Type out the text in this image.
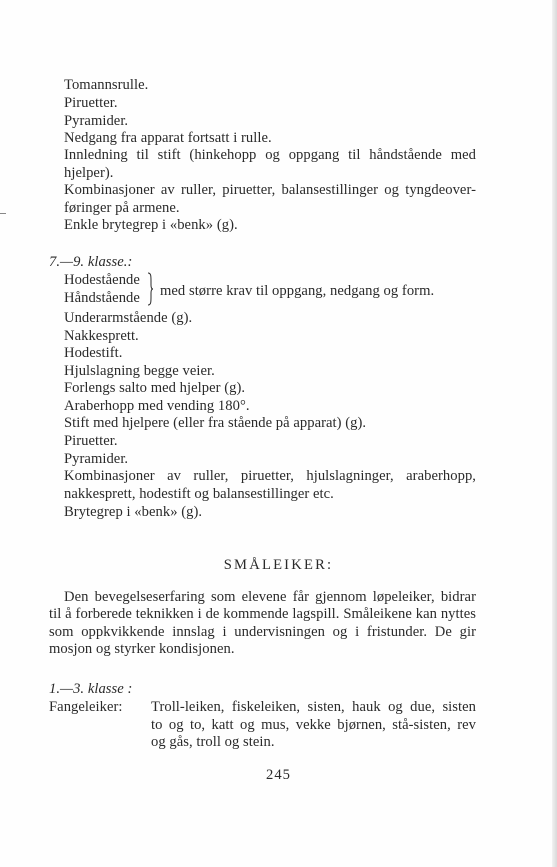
Tomannsrulle.
Piruetter.
Pyramider.
Nedgang fra apparat fortsatt i rulle.
Innledning til stift (hinkehopp og oppgang til håndstående med
hjelper).
Kombinasjoner av ruller, piruetter, balansestillinger og tyngdeover-
føringer på armene.
Enkle brytegrep i «benk» (g).
7.—9. klasse.:
Hodestående
Håndstående med større krav til oppgang, nedgang og form.
Underarmstående (g).
Nakkesprett.
Hodestift.
Hjulslagning begge veier.
Forlengs salto med hjelper (g).
Araberhopp med vending 180°.
Stift med hjelpere (eller fra stående på apparat) (g).
Piruetter.
Pyramider.
Kombinasjoner av ruller, piruetter, hjulslagninger, araberhopp,
nakkesprett, hodestift og balansestillinger etc.
Brytegrep i «benk» (g).
SMÅLEIKER:
Den bevegelseserfaring som elevene får gjennom løpeleiker, bidrar
til å forberede teknikken i de kommende lagspill. Småleikene kan nyttes
som oppkvikkende innslag i undervisningen og i fristunder. De gir
mosjon og styrker kondisjonen.
1.—3. klasse :
Fangeleiker: Troll-leiken, fiskeleiken, sisten, hauk og due, sisten
to og to, katt og mus, vekke bjørnen, stå-sisten, rev
og gås, troll og stein.
245
